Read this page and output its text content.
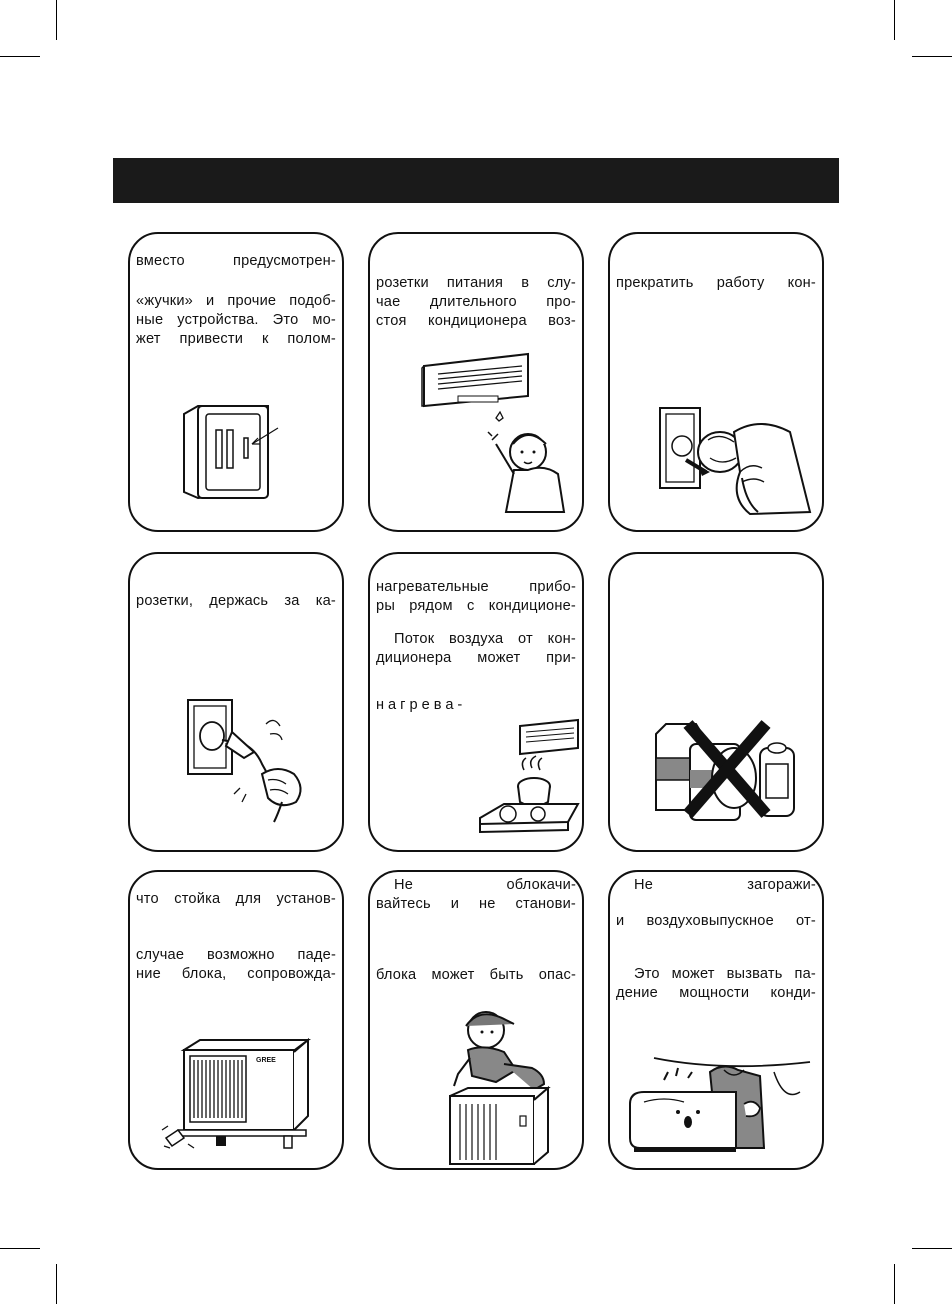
вместо предусмотрен-
«жучки» и прочие подоб-
ные устройства. Это мо-
жет привести к полом-
розетки питания в слу-
чае длительного про-
стоя кондиционера воз-
прекратить работу кон-
розетки, держась за ка-
нагревательные прибо-
ры рядом с кондиционе-
Поток воздуха от кон-
диционера может при-
нагрева-
что стойка для установ-
случае возможно паде-
ние блока, сопровожда-
GREE
Не облокачи-
вайтесь и не станови-
блока может быть опас-
Не загоражи-
и воздуховыпускное от-
Это может вызвать па-
дение мощности конди-
